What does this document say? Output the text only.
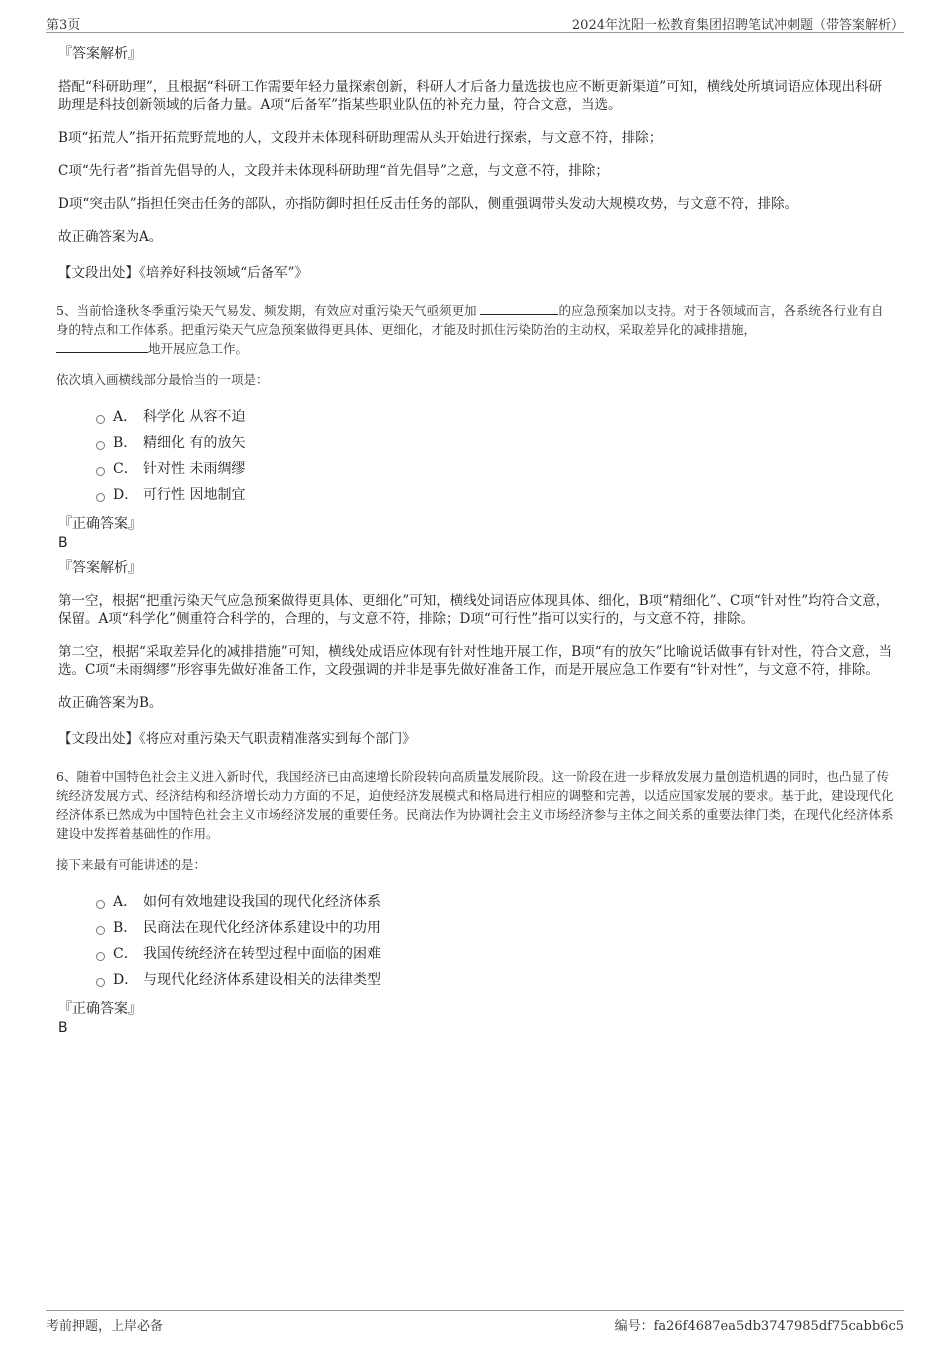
第3页	2024年沈阳一松教育集团招聘笔试冲刺题（带答案解析）
『答案解析』

搭配“科研助理”，且根据“科研工作需要年轻力量探索创新，科研人才后备力量选拔也应不断更新渠道”可知，横线处所填词语应体现出科研助理是科技创新领域的后备力量。A项“后备军”指某些职业队伍的补充力量，符合文意，当选。

B项“拓荒人”指开拓荒野荒地的人，文段并未体现科研助理需从头开始进行探索，与文意不符，排除；

C项“先行者”指首先倡导的人，文段并未体现科研助理“首先倡导”之意，与文意不符，排除；

D项“突击队”指担任突击任务的部队，亦指防御时担任反击任务的部队，侧重强调带头发动大规模攻势，与文意不符，排除。

故正确答案为A。

【文段出处】《培养好科技领域“后备军”》

5、当前恰逢秋冬季重污染天气易发、频发期，有效应对重污染天气亟须更加	的应急预案加以支持。对于各领域而言，各系统各行业有自身的特点和工作体系。把重污染天气应急预案做得更具体、更细化，才能及时抓住污染防治的主动权，采取差异化的减排措施，
地开展应急工作。

依次填入画横线部分最恰当的一项是：

A． 科学化 从容不迫
B． 精细化 有的放矢
C． 针对性 未雨绸缪
D． 可行性 因地制宜
『正确答案』
B
『答案解析』

第一空，根据“把重污染天气应急预案做得更具体、更细化”可知，横线处词语应体现具体、细化，B项“精细化”、C项“针对性”均符合文意，保留。A项“科学化”侧重符合科学的，合理的，与文意不符，排除；D项“可行性”指可以实行的，与文意不符，排除。

第二空，根据“采取差异化的减排措施”可知，横线处成语应体现有针对性地开展工作，B项“有的放矢”比喻说话做事有针对性，符合文意，当选。C项“未雨绸缪”形容事先做好准备工作，文段强调的并非是事先做好准备工作，而是开展应急工作要有“针对性”，与文意不符，排除。

故正确答案为B。

【文段出处】《将应对重污染天气职责精准落实到每个部门》

6、随着中国特色社会主义进入新时代，我国经济已由高速增长阶段转向高质量发展阶段。这一阶段在进一步释放发展力量创造机遇的同时，也凸显了传统经济发展方式、经济结构和经济增长动力方面的不足，迫使经济发展模式和格局进行相应的调整和完善，以适应国家发展的要求。基于此，建设现代化经济体系已然成为中国特色社会主义市场经济发展的重要任务。民商法作为协调社会主义市场经济参与主体之间关系的重要法律门类，在现代化经济体系建设中发挥着基础性的作用。

接下来最有可能讲述的是：

A． 如何有效地建设我国的现代化经济体系
B． 民商法在现代化经济体系建设中的功用
C． 我国传统经济在转型过程中面临的困难
D． 与现代化经济体系建设相关的法律类型
『正确答案』
B
考前押题，上岸必备	编号：fa26f4687ea5db3747985df75cabb6c5
